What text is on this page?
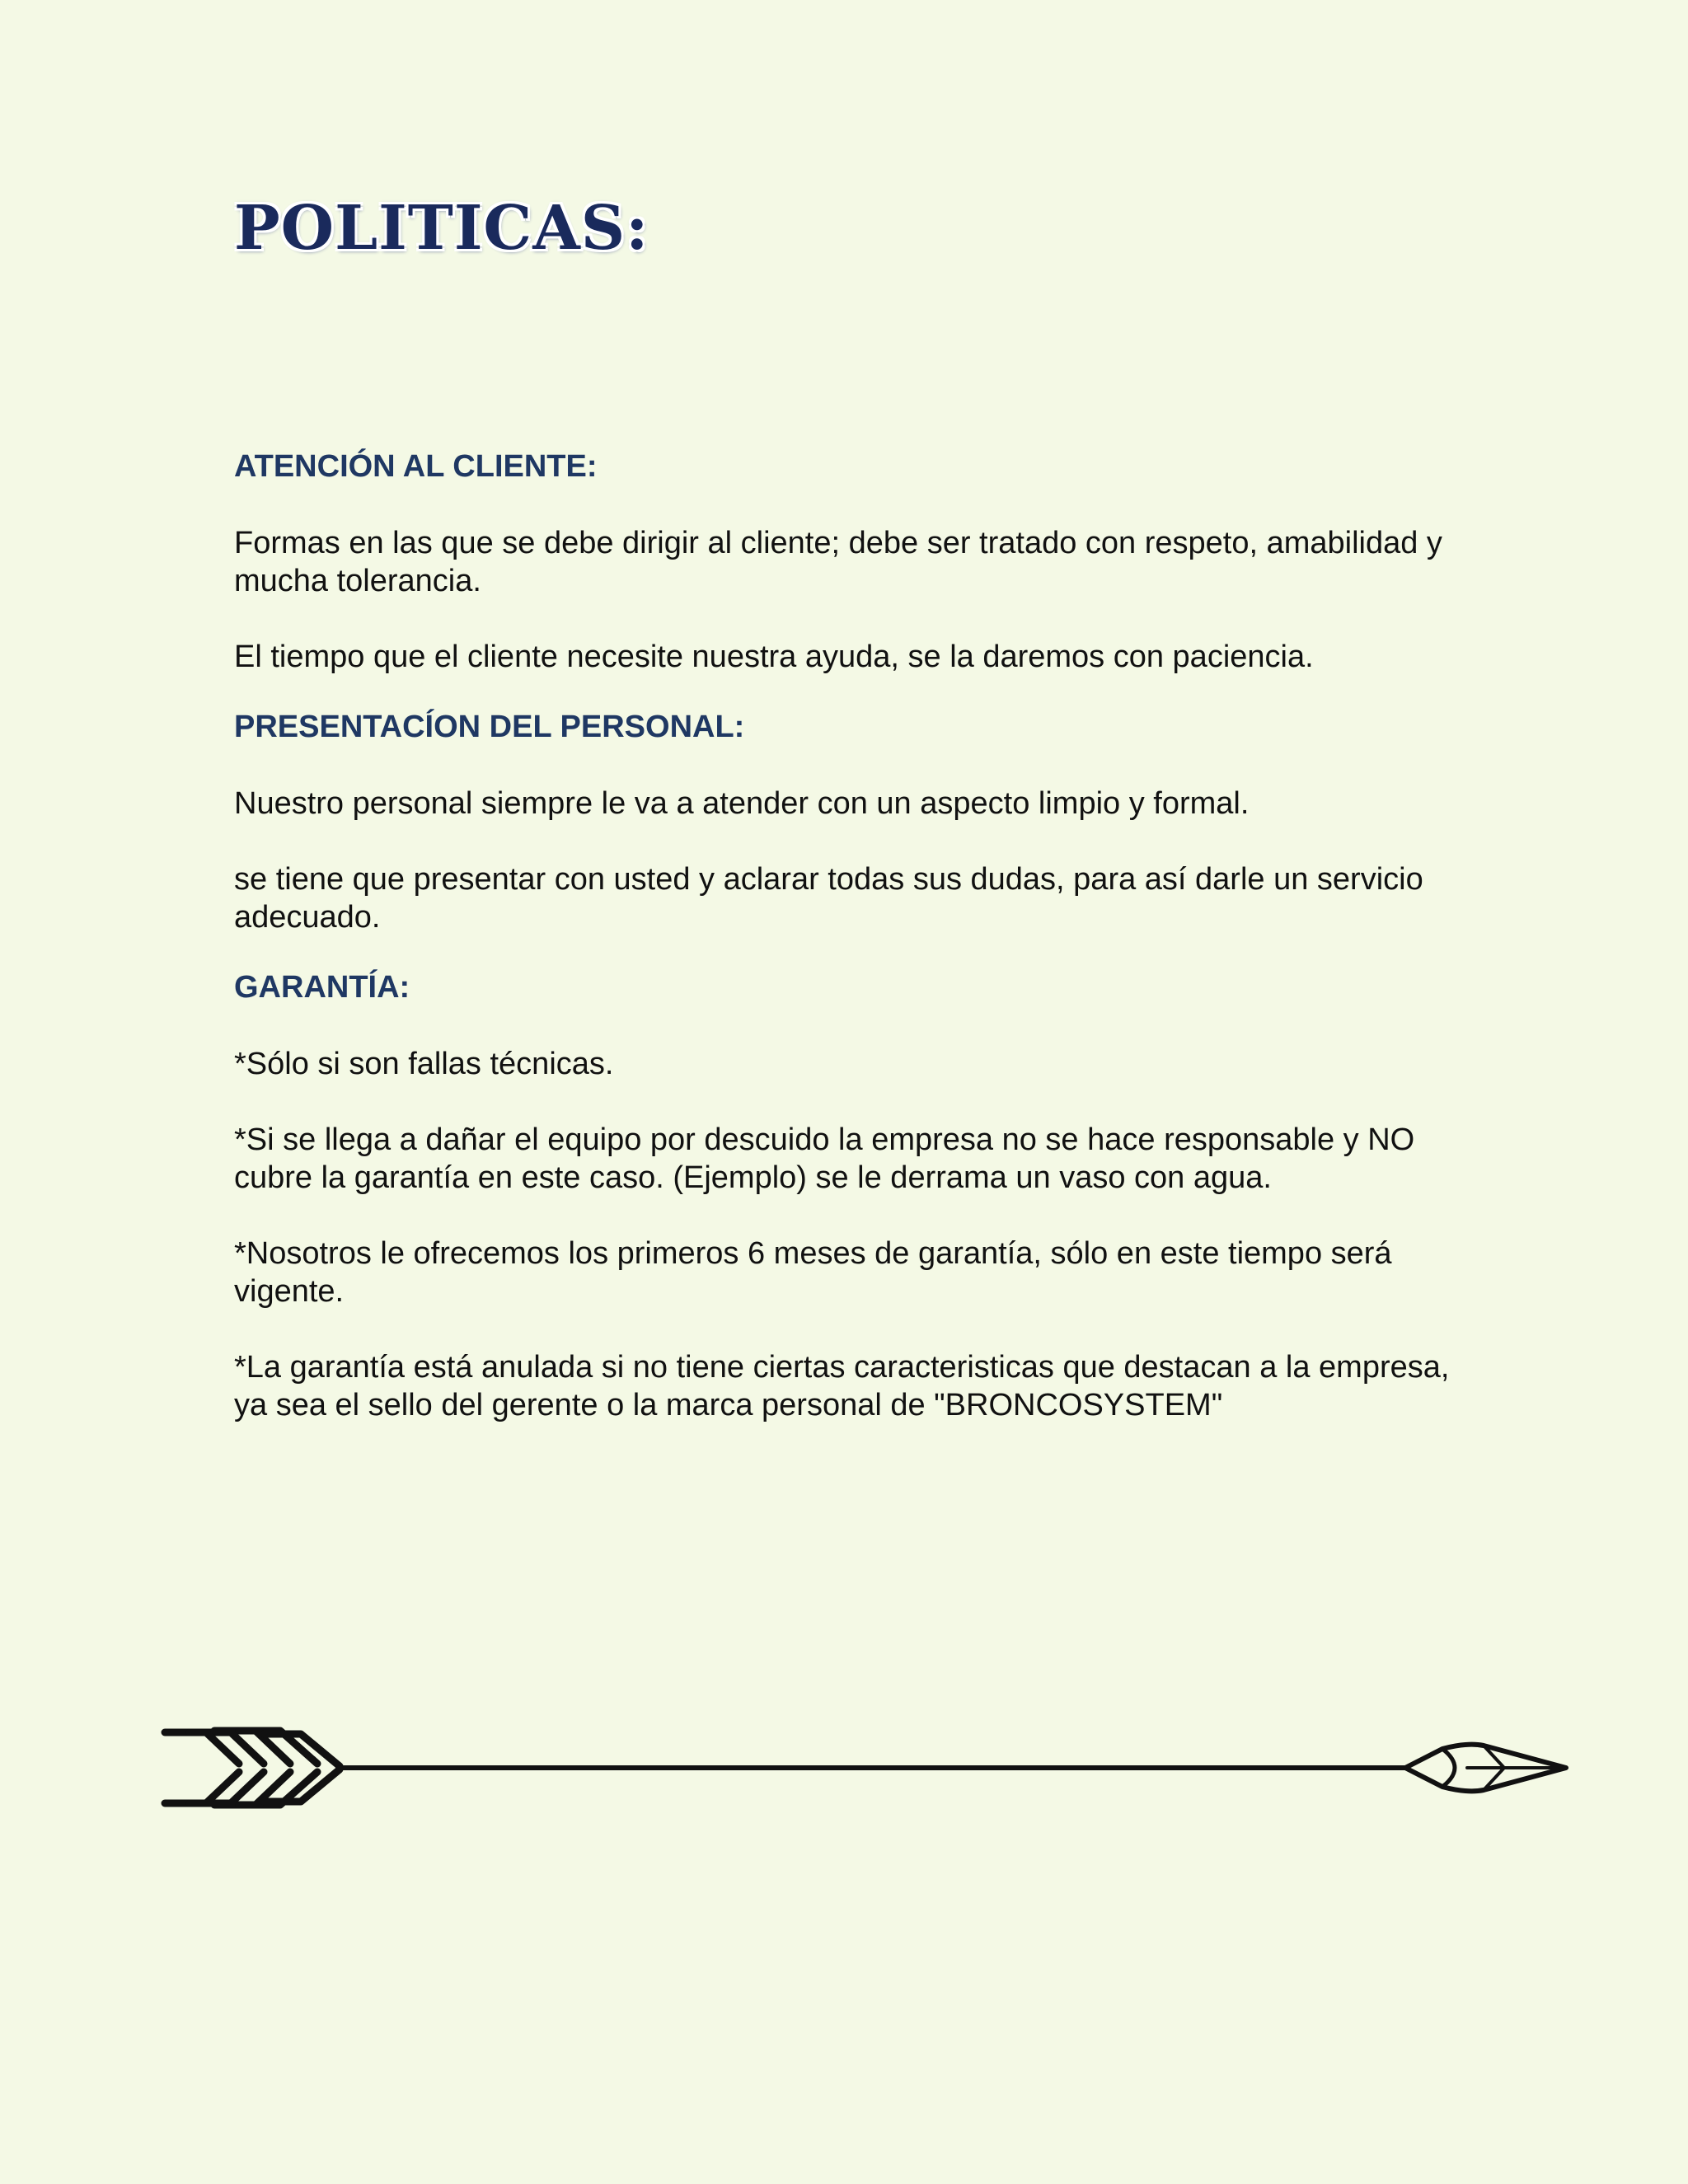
POLITICAS:
ATENCIÓN AL CLIENTE:

Formas en las que se debe dirigir al cliente; debe ser tratado con respeto, amabilidad y mucha tolerancia.

El tiempo que el cliente necesite nuestra ayuda, se la daremos con paciencia.

PRESENTACÍON DEL PERSONAL:

Nuestro personal siempre le va a atender con un aspecto limpio y formal.

se tiene que presentar con usted y aclarar todas sus dudas, para así darle un servicio adecuado.

GARANTÍA:

*Sólo si son fallas técnicas.

*Si se llega a dañar el equipo por descuido la empresa no se hace responsable y NO cubre la garantía en este caso. (Ejemplo) se le derrama un vaso con agua.

*Nosotros le ofrecemos los primeros 6 meses de garantía, sólo en este tiempo será vigente.

*La garantía está anulada si no tiene ciertas caracteristicas que destacan a la empresa, ya sea el sello del gerente o la marca personal de "BRONCOSYSTEM"
